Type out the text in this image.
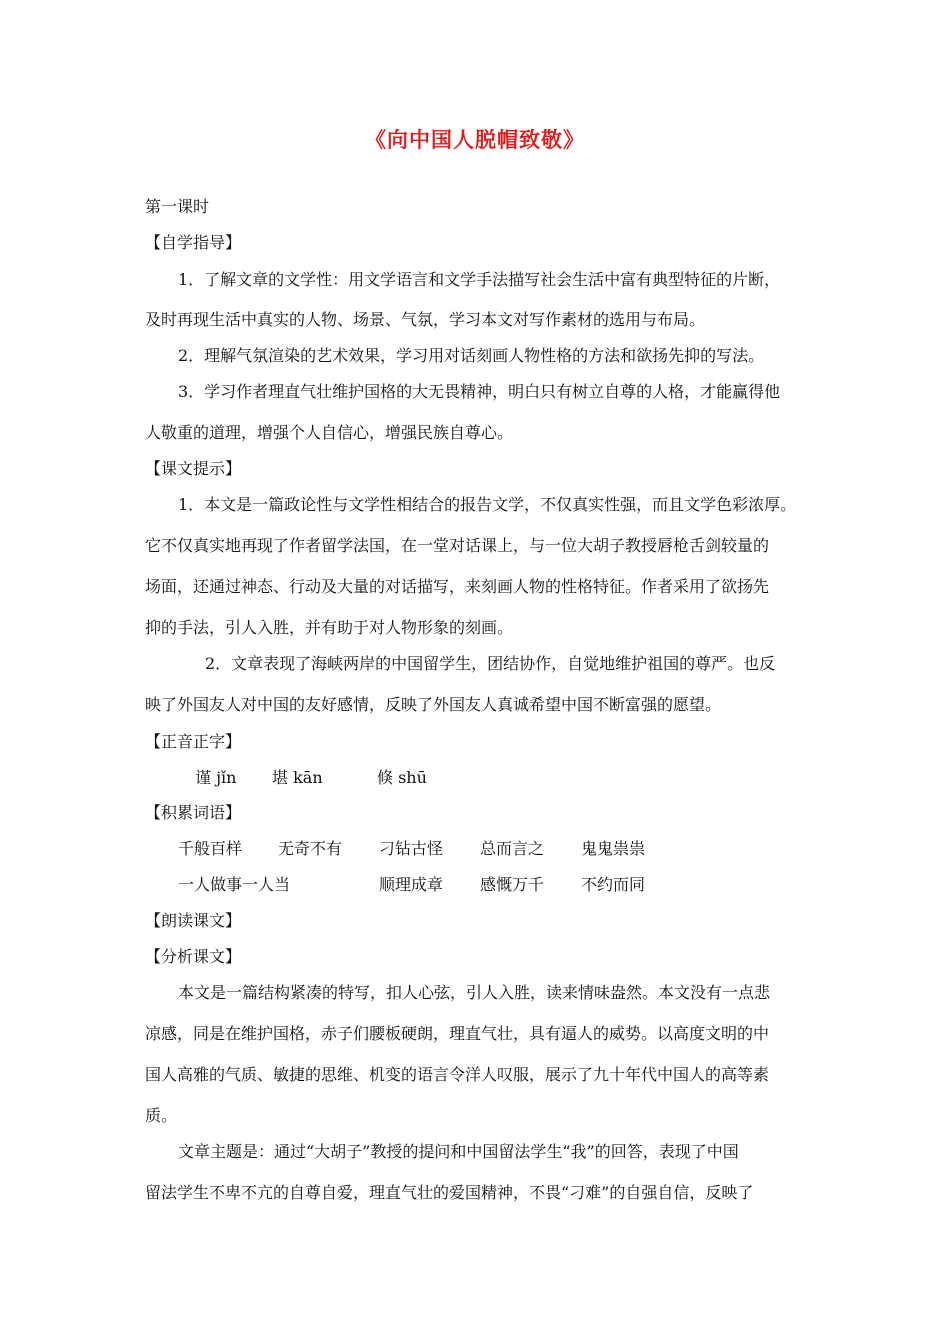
《向中国人脱帽致敬》
第一课时
【自学指导】
1．了解文章的文学性：用文学语言和文学手法描写社会生活中富有典型特征的片断，
及时再现生活中真实的人物、场景、气氛，学习本文对写作素材的选用与布局。
2．理解气氛渲染的艺术效果，学习用对话刻画人物性格的方法和欲扬先抑的写法。
3．学习作者理直气壮维护国格的大无畏精神，明白只有树立自尊的人格，才能赢得他
人敬重的道理，增强个人自信心，增强民族自尊心。
【课文提示】
1．本文是一篇政论性与文学性相结合的报告文学，不仅真实性强，而且文学色彩浓厚。
它不仅真实地再现了作者留学法国，在一堂对话课上，与一位大胡子教授唇枪舌剑较量的
场面，还通过神态、行动及大量的对话描写，来刻画人物的性格特征。作者采用了欲扬先
抑的手法，引人入胜，并有助于对人物形象的刻画。
2．文章表现了海峡两岸的中国留学生，团结协作，自觉地维护祖国的尊严。也反
映了外国友人对中国的友好感情，反映了外国友人真诚希望中国不断富强的愿望。
【正音正字】
谨 jǐn 堪 kān	倏 shū
【积累词语】
千般百样 无奇不有 刁钻古怪 总而言之 鬼鬼祟祟
一人做事一人当	顺理成章 感慨万千 不约而同
【朗读课文】
【分析课文】
本文是一篇结构紧凑的特写，扣人心弦，引人入胜，读来情味盎然。本文没有一点悲
凉感，同是在维护国格，赤子们腰板硬朗，理直气壮，具有逼人的威势。以高度文明的中
国人高雅的气质、敏捷的思维、机变的语言令洋人叹服，展示了九十年代中国人的高等素
质。
文章主题是：通过“大胡子”教授的提问和中国留法学生“我”的回答，表现了中国
留法学生不卑不亢的自尊自爱，理直气壮的爱国精神，不畏“刁难”的自强自信，反映了
